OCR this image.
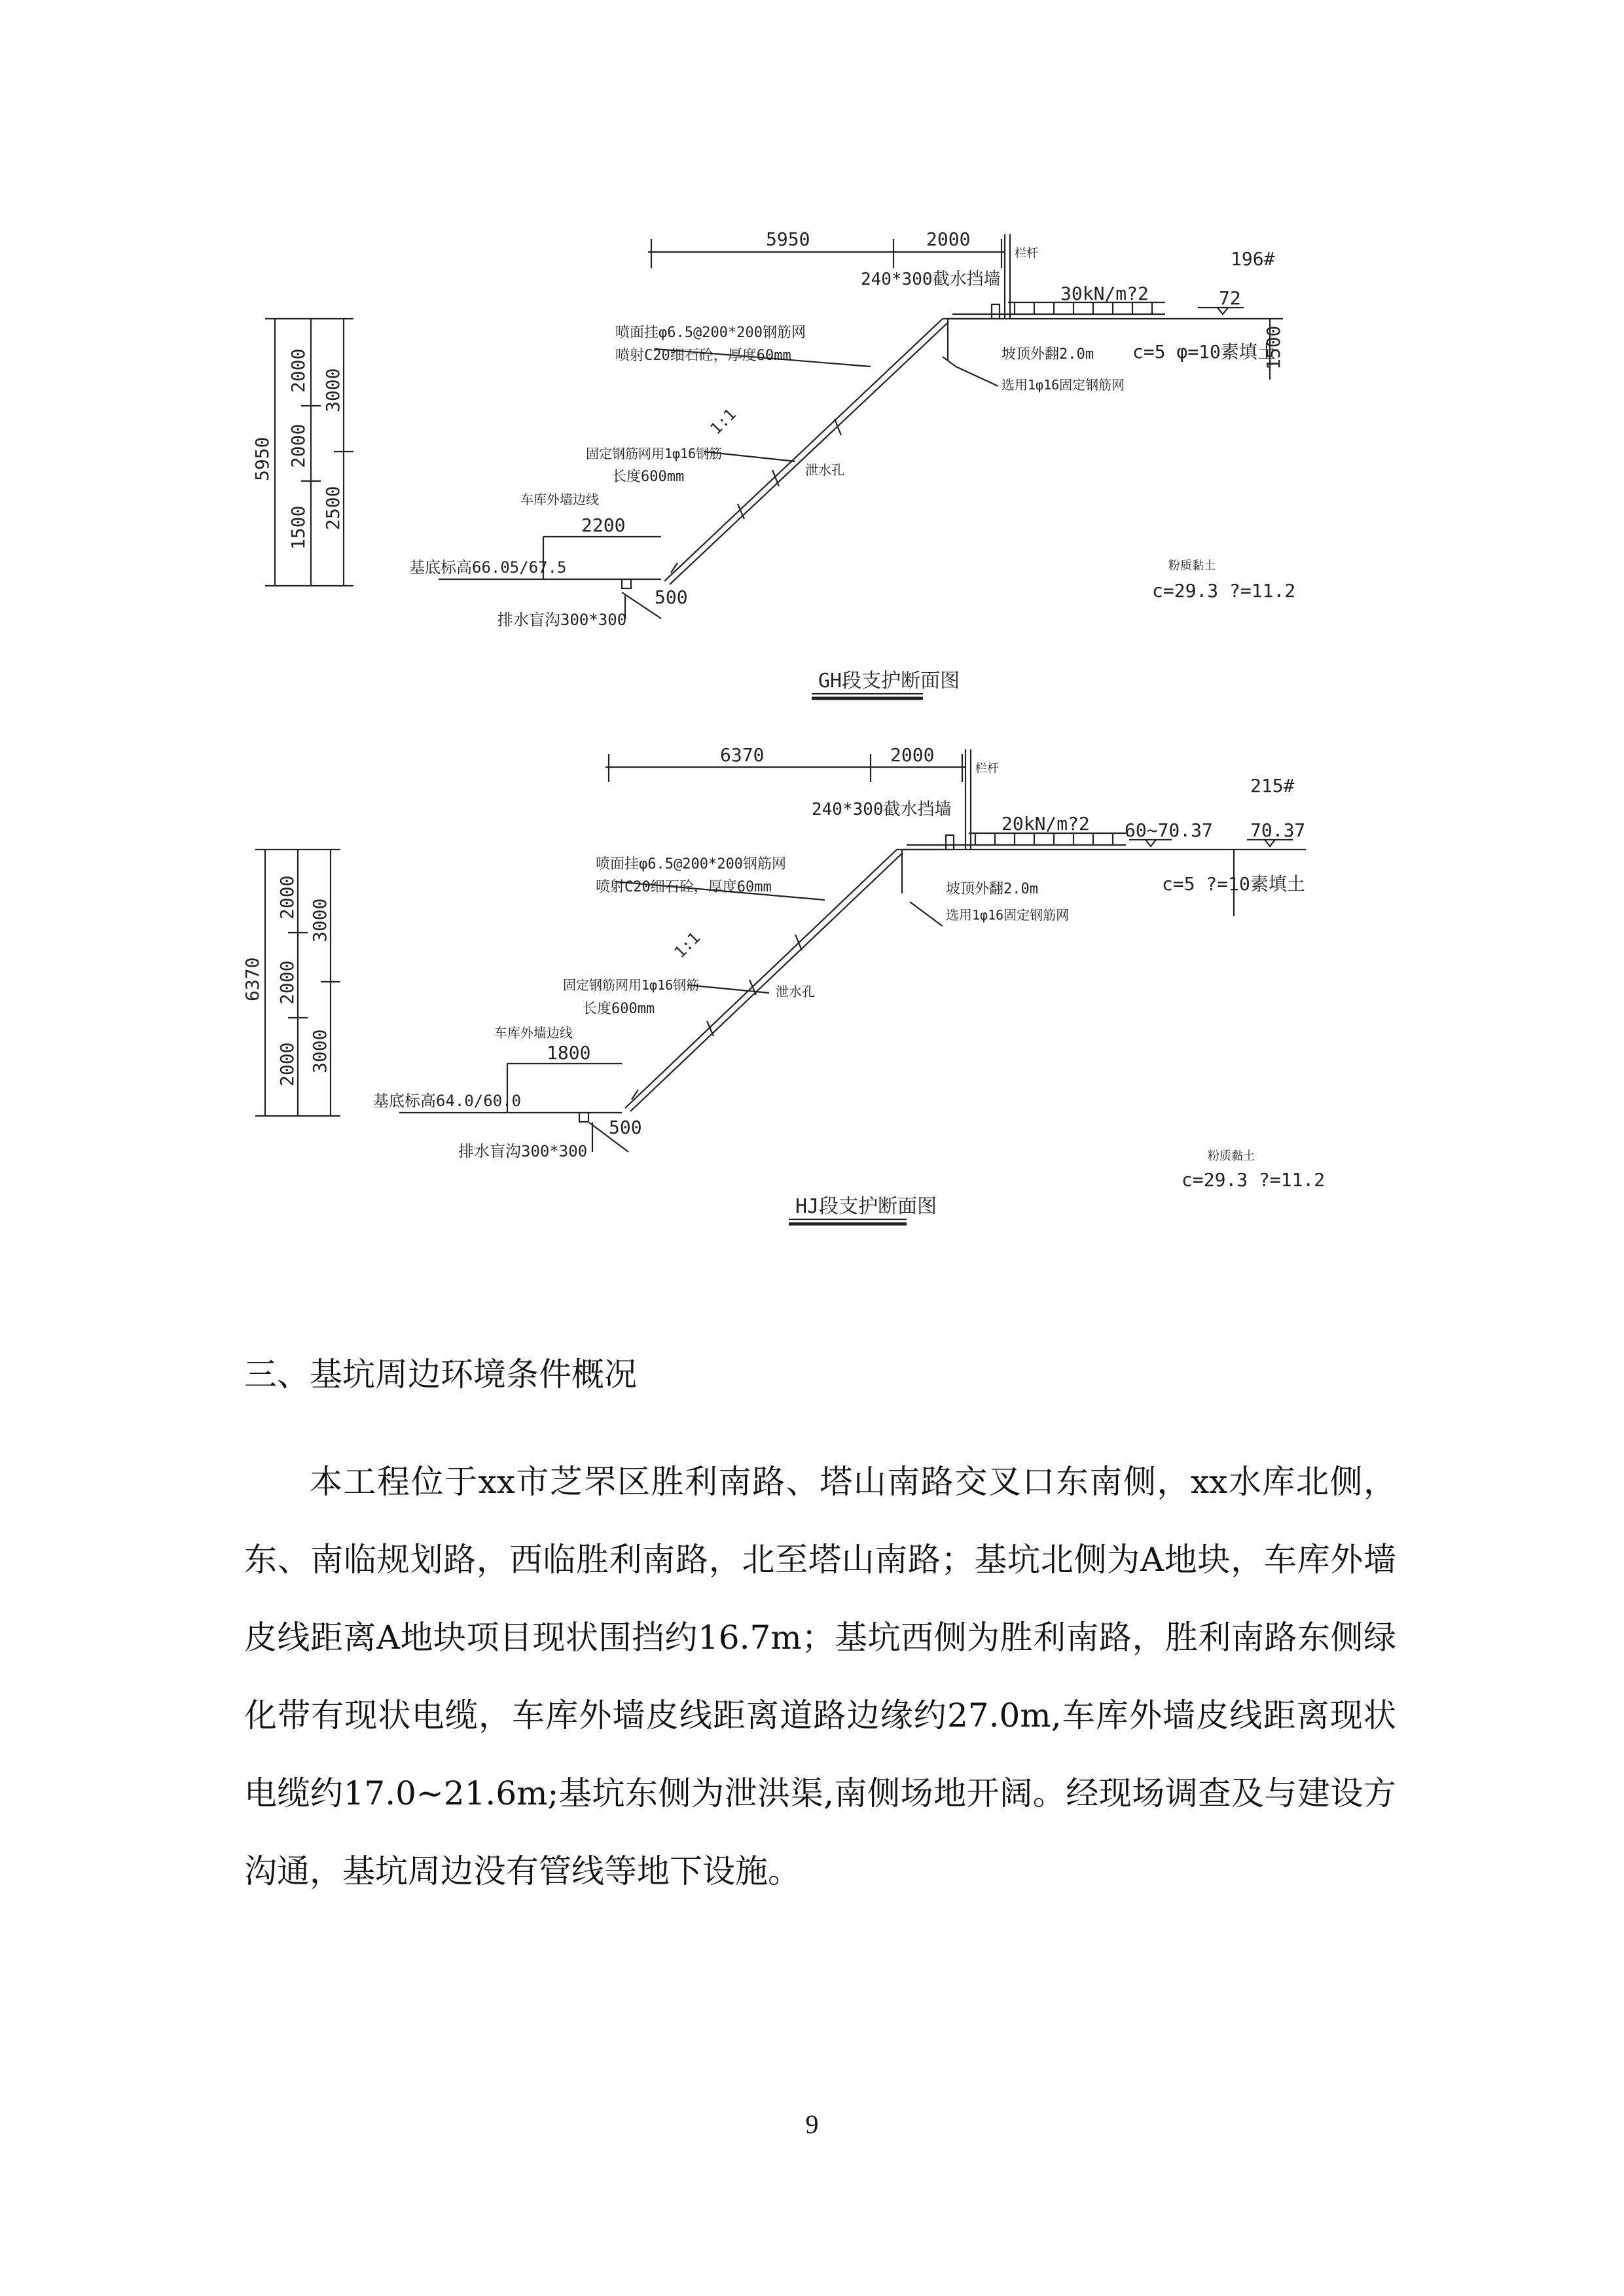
5950	2000
240*300截水挡墙
栏杆
30kN/m?2
196#
72
喷面挂φ6.5@200*200钢筋网
喷射C20细石砼，厚度60mm
1:1
c=5 φ=10素填土
1500
坡顶外翻2.0m
选用1φ16固定钢筋网
固定钢筋网用1φ16钢筋
长度600mm	泄水孔
车库外墙边线
2200
基底标高66.05/67.5
500
排水盲沟300*300
粉质黏土
c=29.3 ?=11.2
5950
2000
2000
1500
3000
2500
GH段支护断面图
6370	2000
240*300截水挡墙
栏杆
20kN/m?2
215#
60~70.37 70.37
喷面挂φ6.5@200*200钢筋网
喷射C20细石砼，厚度60mm
1:1
c=5 ?=10素填土
坡顶外翻2.0m
选用1φ16固定钢筋网
固定钢筋网用1φ16钢筋
长度600mm
泄水孔
车库外墙边线
1800
基底标高64.0/60.0
500
排水盲沟300*300	粉质黏土
c=29.3 ?=11.2
6370
2000
2000
2000
3000
3000
HJ段支护断面图
三、基坑周边环境条件概况
本工程位于xx市芝罘区胜利南路、塔山南路交叉口东南侧，xx水库北侧，东、南临规划路，西临胜利南路，北至塔山南路；基坑北侧为A地块，车库外墙皮线距离A地块项目现状围挡约16.7m；基坑西侧为胜利南路，胜利南路东侧绿化带有现状电缆，车库外墙皮线距离道路边缘约27.0m,车库外墙皮线距离现状电缆约17.0~21.6m;基坑东侧为泄洪渠,南侧场地开阔。经现场调查及与建设方沟通，基坑周边没有管线等地下设施。
9
